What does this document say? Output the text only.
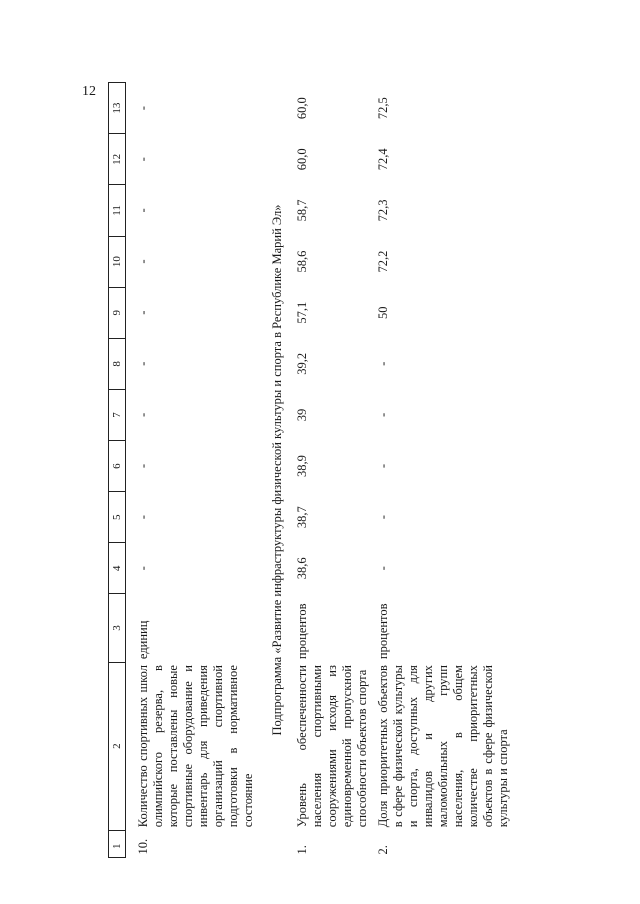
12
1	2	3	4	5	6	7	8	9	10	11	12	13
10.	Количество спортивных школ олимпийского резерва, в которые поставлены новые спортивные оборудование и инвентарь для приведения организаций спортивной подготовки в нормативное состояние	единиц	-	-	-	-	-	-	-	-	-	-
Подпрограмма «Развитие инфраструктуры физической культуры и спорта в Республике Марий Эл»												
1.	Уровень обеспеченности населения спортивными сооружениями исходя из единовременной пропускной способности объектов спорта	процентов	38,6	38,7	38,9	39	39,2	57,1	58,6	58,7	60,0	60,0
2.	Доля приоритетных объектов в сфере физической культуры и спорта, доступных для инвалидов и других маломобильных групп населения, в общем количестве приоритетных объектов в сфере физической культуры и спорта	процентов	-	-	-	-	-	50	72,2	72,3	72,4	72,5
